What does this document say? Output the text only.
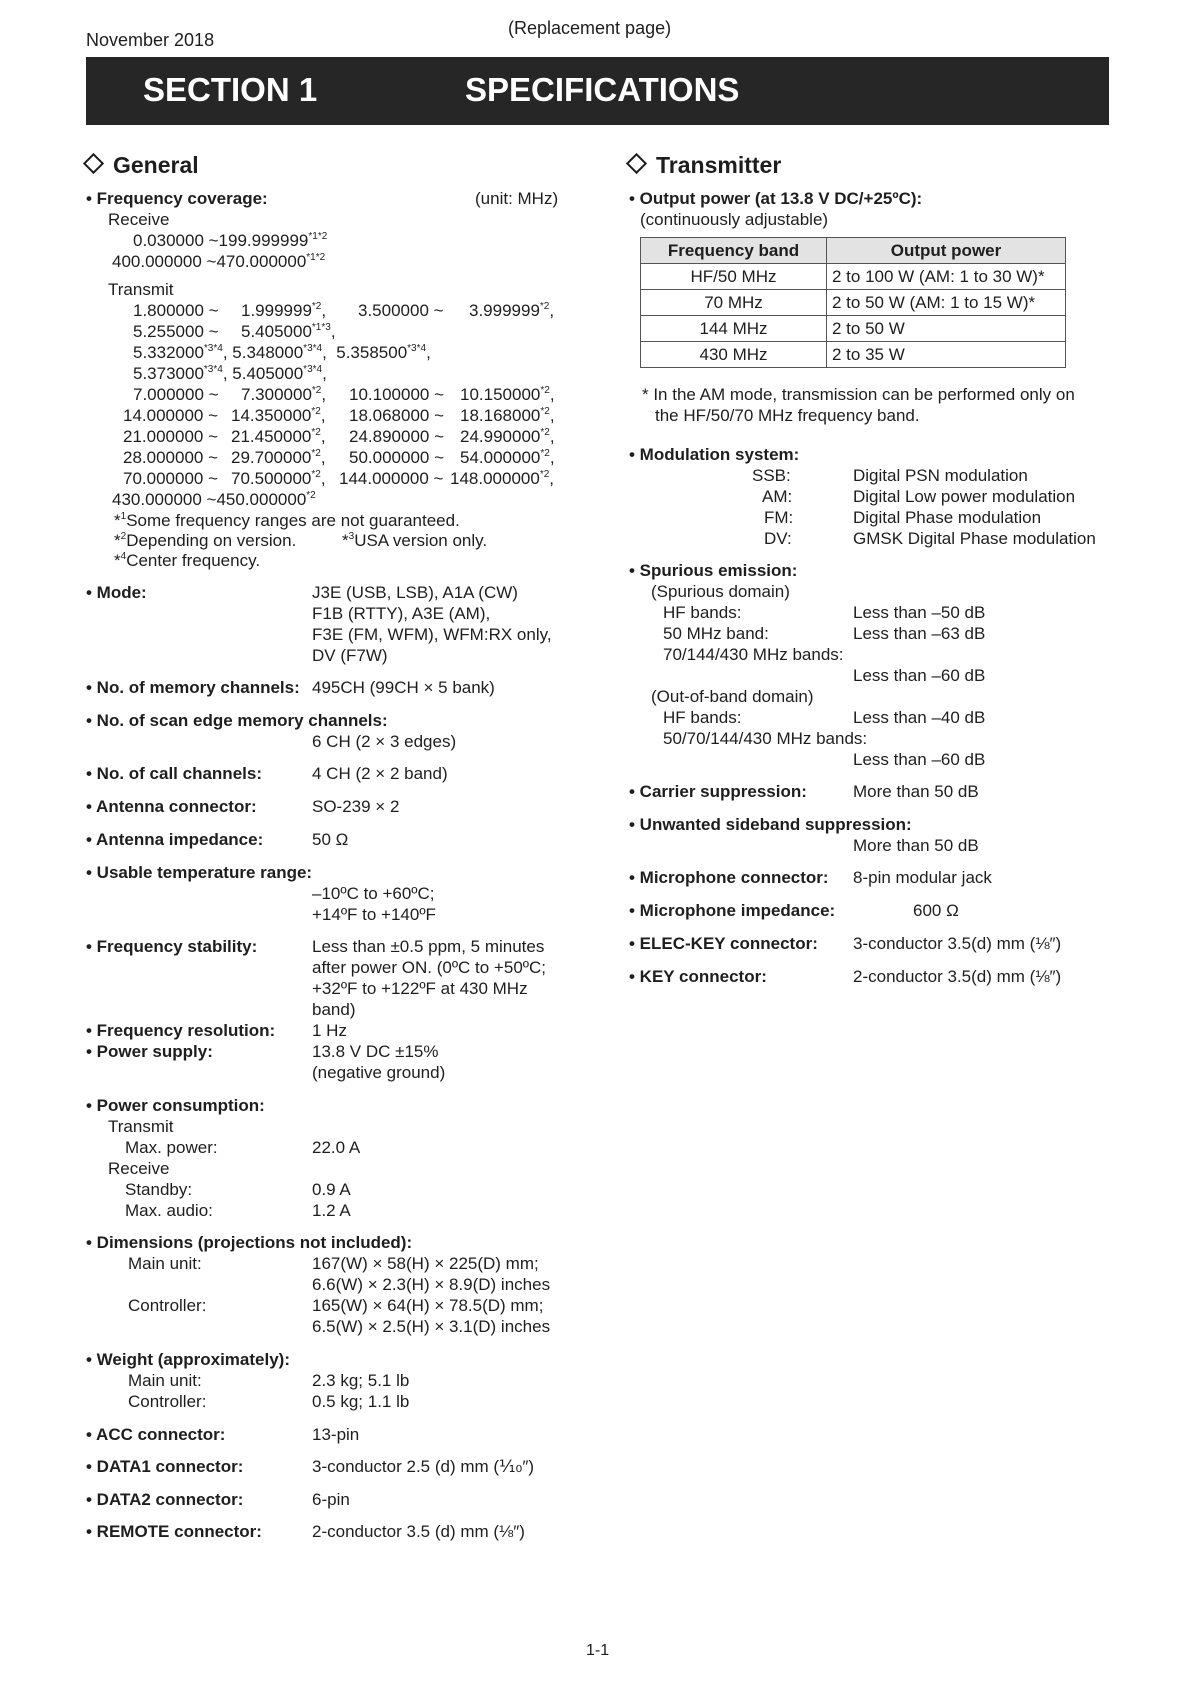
November 2018
(Replacement page)
SECTION 1	SPECIFICATIONS
General
• Frequency coverage:	(unit: MHz)
Receive
0.030000 $\sim 199.999999^{*1*2}$
400.000000 $\sim 470.000000^{*1*2}$
Transmit
1.800000 ~ 1.999999$^{*2}$, 3.500000 ~ 3.999999$^{*2}$,
5.255000 ~ $5.405000^{*1*3}$,
$5.332000^{*3*4}$, $5.348000^{*3*4}$,  $5.358500^{*3*4}$,
$5.373000^{*3*4}$, $5.405000^{*3*4}$,
7.000000 ~ 7.300000$^{*2}$, 10.100000 ~ 10.150000$^{*2}$,
14.000000 ~ 14.350000$^{*2}$, 18.068000 ~ 18.168000$^{*2}$,
21.000000 ~ 21.450000$^{*2}$, 24.890000 ~ 24.990000$^{*2}$,
28.000000 ~ 29.700000$^{*2}$, 50.000000 ~ 54.000000$^{*2}$,
70.000000 ~ 70.500000$^{*2}$, 144.000000 ~ 148.000000$^{*2}$,
430.000000 ~450.000000$^{*2}$
*$^1$Some frequency ranges are not guaranteed.
*$^2$Depending on version.	*$^3$USA version only.
*$^4$Center frequency.
• Mode:	J3E (USB, LSB), A1A (CW)
F1B (RTTY), A3E (AM),
F3E (FM, WFM), WFM:RX only,
DV (F7W)
• No. of memory channels: 495CH (99CH × 5 bank)
• No. of scan edge memory channels:
6 CH (2 × 3 edges)
• No. of call channels:	4 CH (2 × 2 band)
• Antenna connector:	SO-239 × 2
• Antenna impedance:	50 Ω
• Usable temperature range:
–10ºC to +60ºC;
+14ºF to +140ºF
• Frequency stability:	Less than ±0.5 ppm, 5 minutes
after power ON. (0ºC to +50ºC;
+32ºF to +122ºF at 430 MHz
band)
• Frequency resolution: 1 Hz
• Power supply:	13.8 V DC ±15%
(negative ground)
• Power consumption:
Transmit
Max. power:	22.0 A
Receive
Standby:	0.9 A
Max. audio:	1.2 A
• Dimensions (projections not included):
Main unit:	167(W) × 58(H) × 225(D) mm;
6.6(W) × 2.3(H) × 8.9(D) inches
Controller:	165(W) × 64(H) × 78.5(D) mm;
6.5(W) × 2.5(H) × 3.1(D) inches
• Weight (approximately):
Main unit:	2.3 kg; 5.1 lb
Controller:	0.5 kg; 1.1 lb
• ACC connector:	13-pin
• DATA1 connector:	3-conductor 2.5 (d) mm (⅒″)
• DATA2 connector:	6-pin
• REMOTE connector:	2-conductor 3.5 (d) mm (⅛″)
Transmitter
• Output power (at 13.8 V DC/+25ºC):
(continuously adjustable)
Frequency band	Output power
HF/50 MHz	2 to 100 W (AM: 1 to 30 W)*
70 MHz	2 to 50 W (AM: 1 to 15 W)*
144 MHz	2 to 50 W
430 MHz	2 to 35 W
* In the AM mode, transmission can be performed only on
the HF/50/70 MHz frequency band.
• Modulation system:
SSB:	Digital PSN modulation
AM:	Digital Low power modulation
FM:	Digital Phase modulation
DV:	GMSK Digital Phase modulation
• Spurious emission:
(Spurious domain)
HF bands:	Less than –50 dB
50 MHz band:	Less than –63 dB
70/144/430 MHz bands:
Less than –60 dB
(Out-of-band domain)
HF bands:	Less than –40 dB
50/70/144/430 MHz bands:
Less than –60 dB
• Carrier suppression:	More than 50 dB
• Unwanted sideband suppression:
More than 50 dB
• Microphone connector: 8-pin modular jack
• Microphone impedance:	600 Ω
• ELEC-KEY connector: 3-conductor 3.5(d) mm (⅛″)
• KEY connector:	2-conductor 3.5(d) mm (⅛″)
1-1
